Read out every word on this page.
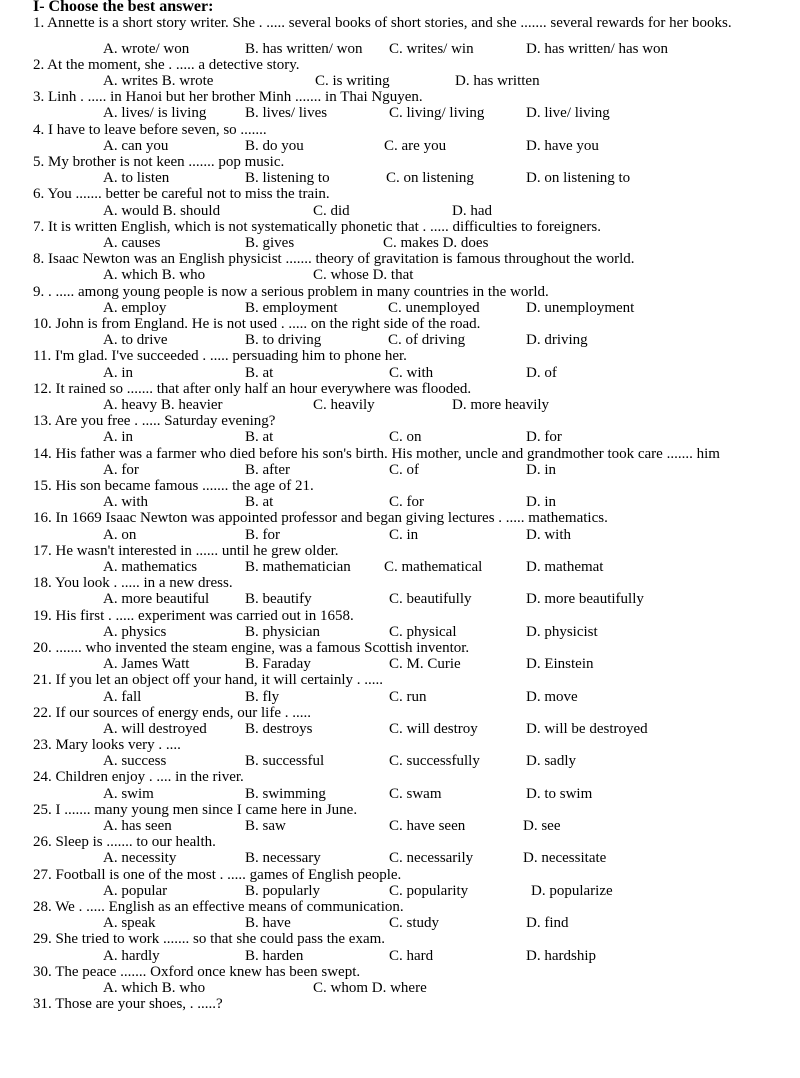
I- Choose the best answer:

1. Annette is a short story writer. She . ..... several books of short stories, and she ....... several rewards for her books.

A. wrote/ won	B. has written/ won C. writes/ win	D. has written/ has won

2. At the moment, she . ..... a detective story.

A. writes B. wrote	C. is writing	D. has written

3. Linh . ..... in Hanoi but her brother Minh ....... in Thai Nguyen.

A. lives/ is living	B. lives/ lives	C. living/ living	D. live/ living

4. I have to leave before seven, so .......

A. can you	B. do you	C. are you	D. have you

5. My brother is not keen ....... pop music.

A. to listen	B. listening to	C. on listening	D. on listening to

6. You ....... better be careful not to miss the train.

A. would B. should	C. did	D. had

7. It is written English, which is not systematically phonetic that . ..... difficulties to foreigners.

A. causes	B. gives	C. makes D. does

8. Isaac Newton was an English physicist ....... theory of gravitation is famous throughout the world.

A. which B. who	C. whose D. that

9. . ..... among young people is now a serious problem in many countries in the world.

A. employ	B. employment	C. unemployed	D. unemployment

10. John is from England. He is not used . ..... on the right side of the road.

A. to drive	B. to driving	C. of driving	D. driving

11. I'm glad. I've succeeded . ..... persuading him to phone her.

A. in	B. at	C. with	D. of

12. It rained so ....... that after only half an hour everywhere was flooded.

A. heavy B. heavier	C. heavily	D. more heavily

13. Are you free . ..... Saturday evening?

A. in	B. at	C. on	D. for

14. His father was a farmer who died before his son's birth. His mother, uncle and grandmother took care ....... him

A. for	B. after	C. of	D. in

15. His son became famous ....... the age of 21.

A. with	B. at	C. for	D. in

16. In 1669 Isaac Newton was appointed professor and began giving lectures . ..... mathematics.

A. on	B. for	C. in	D. with

17. He wasn't interested in ...... until he grew older.

A. mathematics	B. mathematician C. mathematical	D. mathemat

18. You look . ..... in a new dress.

A. more beautiful B. beautify	C. beautifully	D. more beautifully

19. His first . ..... experiment was carried out in 1658.

A. physics	B. physician	C. physical	D. physicist

20. ....... who invented the steam engine, was a famous Scottish inventor.

A. James Watt	B. Faraday	C. M. Curie	D. Einstein

21. If you let an object off your hand, it will certainly . .....

A. fall	B. fly	C. run	D. move

22. If our sources of energy ends, our life . .....

A. will destroyed	B. destroys	C. will destroy	D. will be destroyed

23. Mary looks very . ....

A. success	B. successful	C. successfully	D. sadly

24. Children enjoy . .... in the river.

A. swim	B. swimming	C. swam	D. to swim

25. I ....... many young men since I came here in June.

A. has seen	B. saw	C. have seen	D. see

26. Sleep is ....... to our health.

A. necessity	B. necessary	C. necessarily	D. necessitate

27. Football is one of the most . ..... games of English people.

A. popular	B. popularly	C. popularity	D. popularize

28. We . ..... English as an effective means of communication.

A. speak	B. have	C. study	D. find

29. She tried to work ....... so that she could pass the exam.

A. hardly	B. harden	C. hard	D. hardship

30. The peace ....... Oxford once knew has been swept.

A. which B. who	C. whom D. where

31. Those are your shoes, . .....?
